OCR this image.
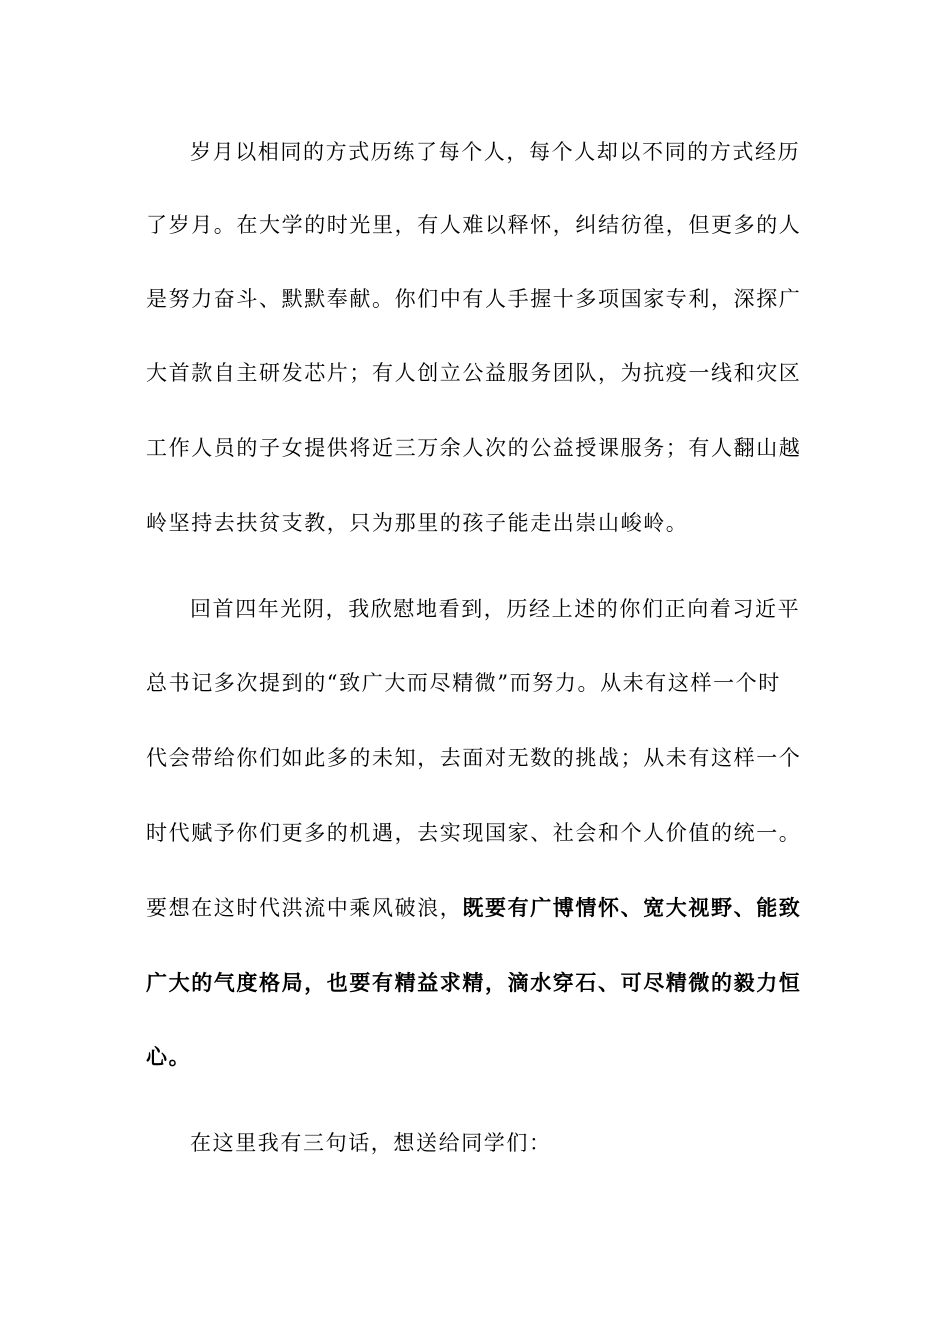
岁月以相同的方式历练了每个人，每个人却以不同的方式经历
了岁月。在大学的时光里，有人难以释怀，纠结彷徨，但更多的人
是努力奋斗、默默奉献。你们中有人手握十多项国家专利，深探广
大首款自主研发芯片；有人创立公益服务团队，为抗疫一线和灾区
工作人员的子女提供将近三万余人次的公益授课服务；有人翻山越
岭坚持去扶贫支教，只为那里的孩子能走出崇山峻岭。
回首四年光阴，我欣慰地看到，历经上述的你们正向着习近平
总书记多次提到的“致广大而尽精微”而努力。从未有这样一个时
代会带给你们如此多的未知，去面对无数的挑战；从未有这样一个
时代赋予你们更多的机遇，去实现国家、社会和个人价值的统一。
要想在这时代洪流中乘风破浪，既要有广博情怀、宽大视野、能致
广大的气度格局，也要有精益求精，滴水穿石、可尽精微的毅力恒
心。
在这里我有三句话，想送给同学们：
